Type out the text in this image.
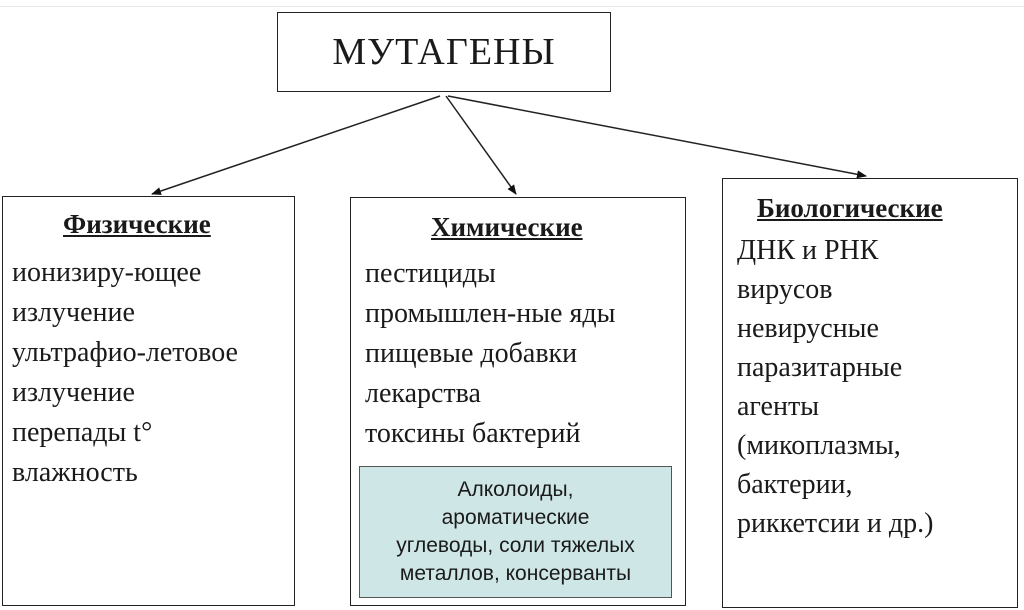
МУТАГЕНЫ
Физические
ионизиру-ющее
излучение
ультрафио-летовое
излучение
перепады t°
влажность
Химические
пестициды
промышлен-ные яды
пищевые добавки
лекарства
токсины бактерий
Алколоиды,
ароматические
углеводы, соли тяжелых
металлов, консерванты
Биологические
ДНК и РНК
вирусов
невирусные
паразитарные
агенты
(микоплазмы,
бактерии,
риккетсии и др.)
